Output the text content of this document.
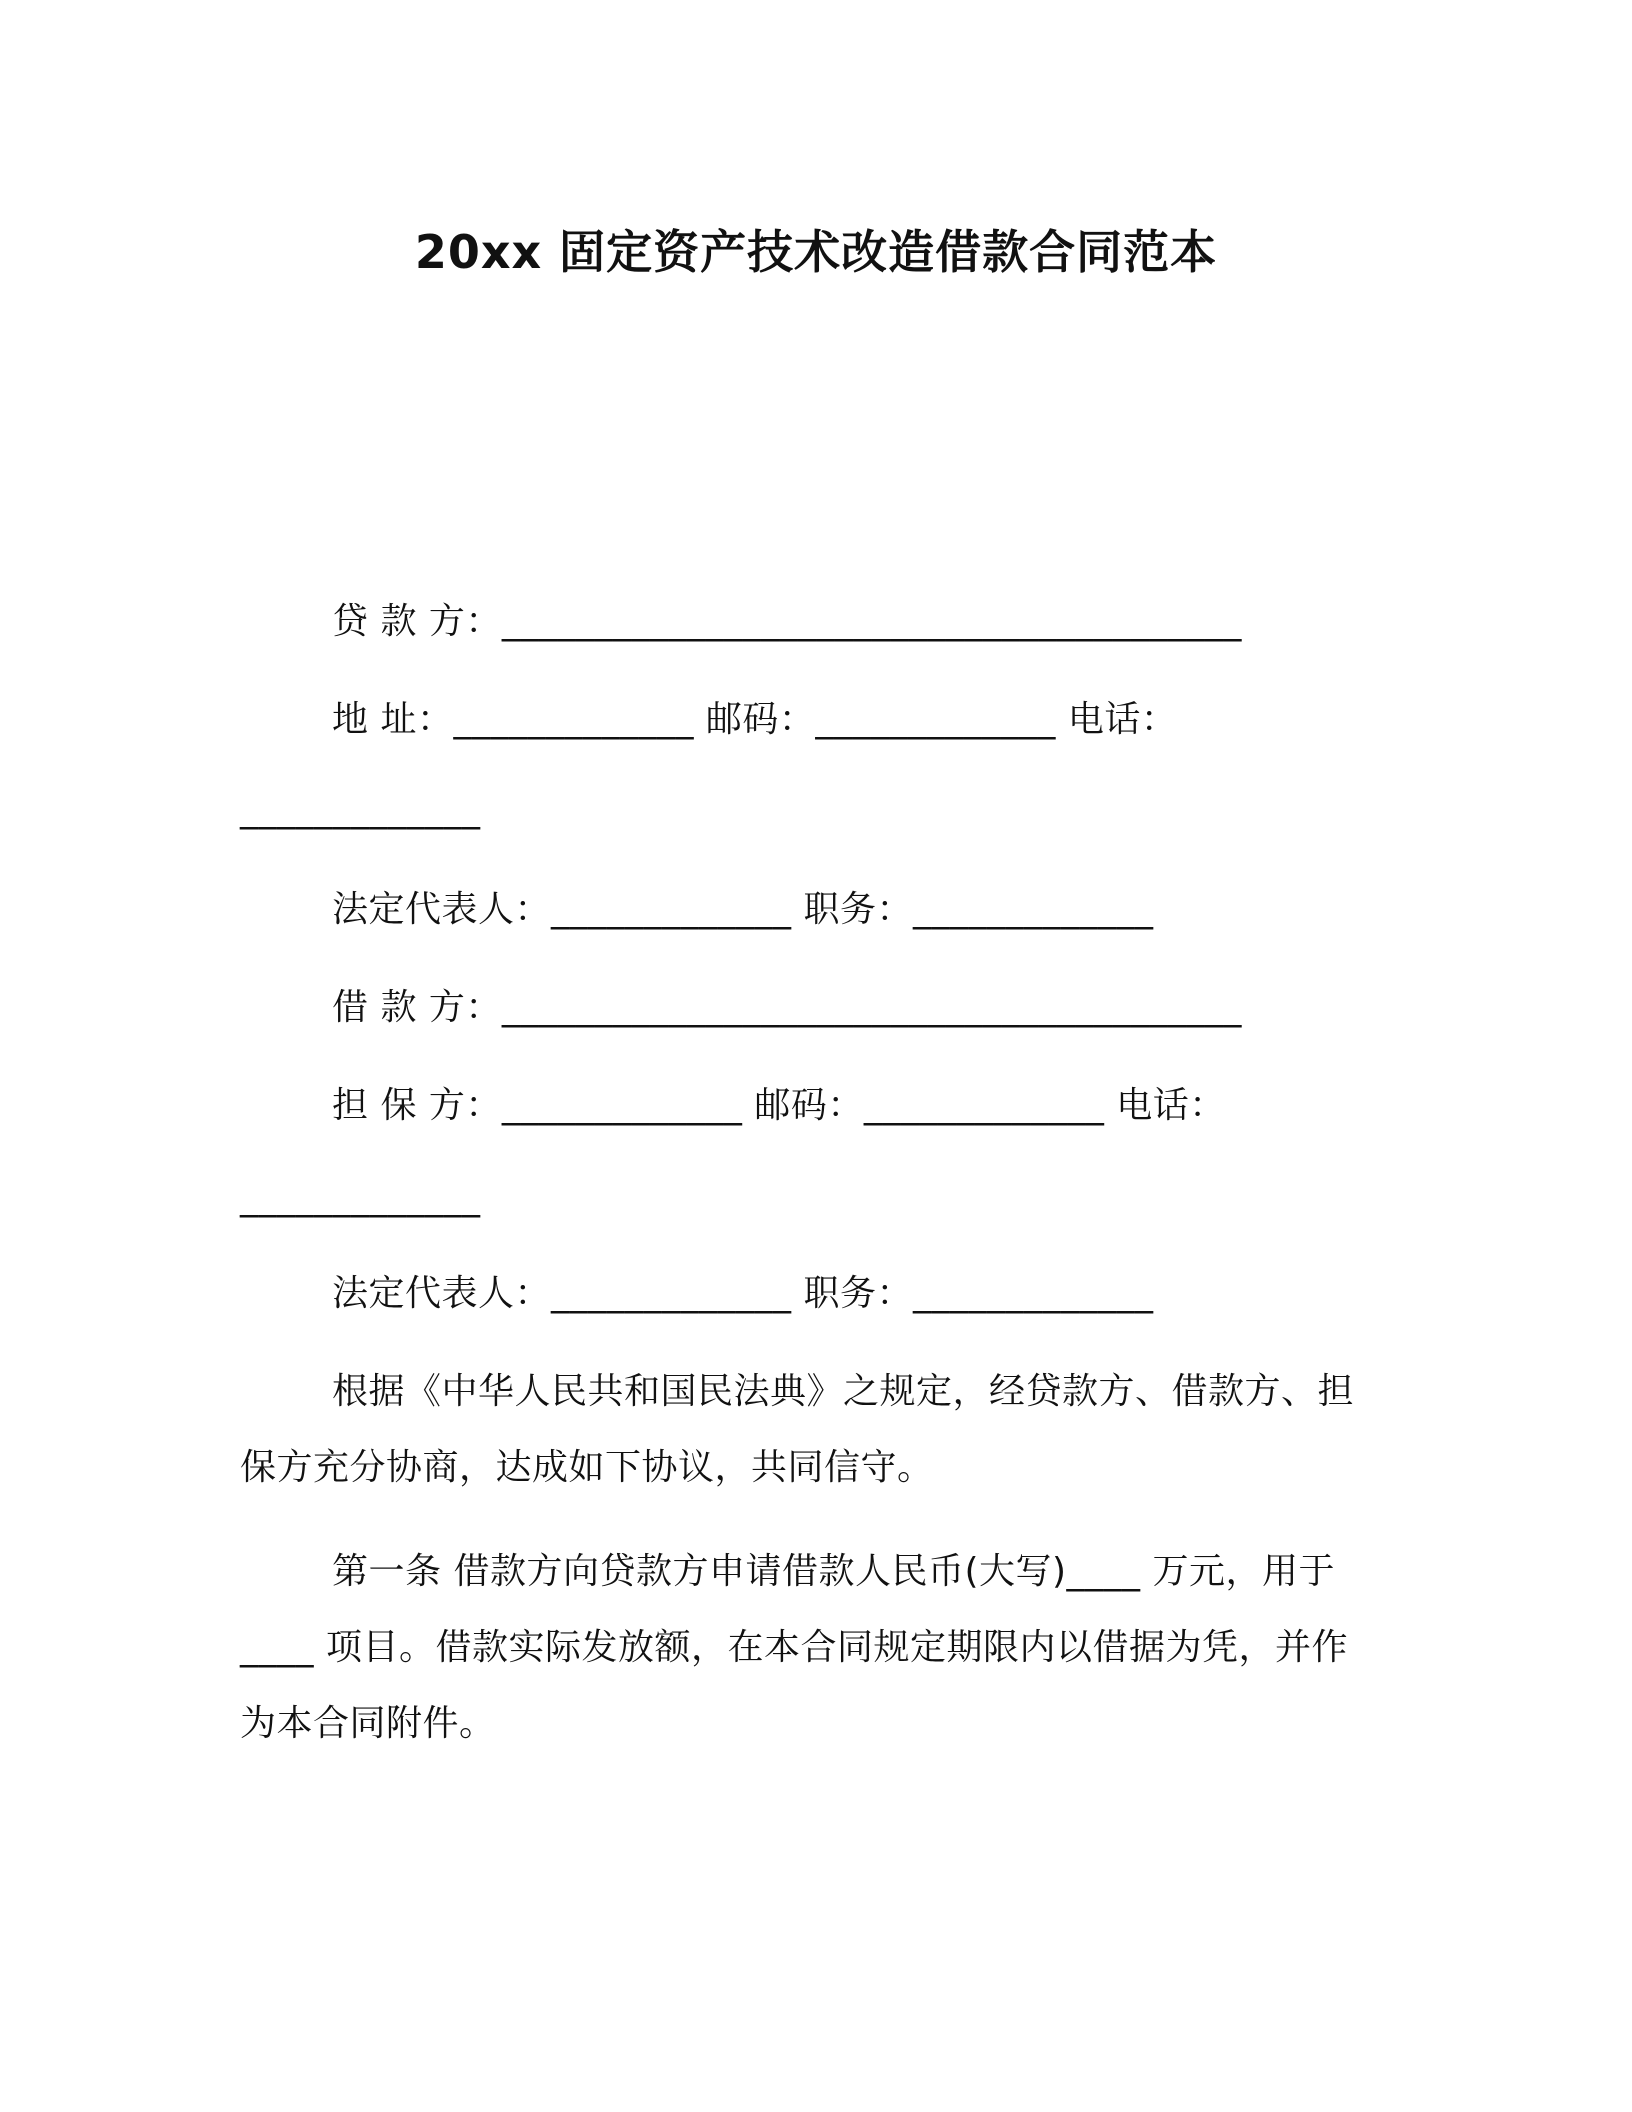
20xx 固定资产技术改造借款合同范本
贷 款 方：________________________________________
地 址：_____________ 邮码：_____________ 电话：
_____________
法定代表人：_____________ 职务：_____________
借 款 方：________________________________________
担 保 方：_____________ 邮码：_____________ 电话：
_____________
法定代表人：_____________ 职务：_____________
根据《中华人民共和国民法典》之规定，经贷款方、借款方、担
保方充分协商，达成如下协议，共同信守。
第一条 借款方向贷款方申请借款人民币(大写)____ 万元，用于
____ 项目。借款实际发放额，在本合同规定期限内以借据为凭，并作
为本合同附件。
